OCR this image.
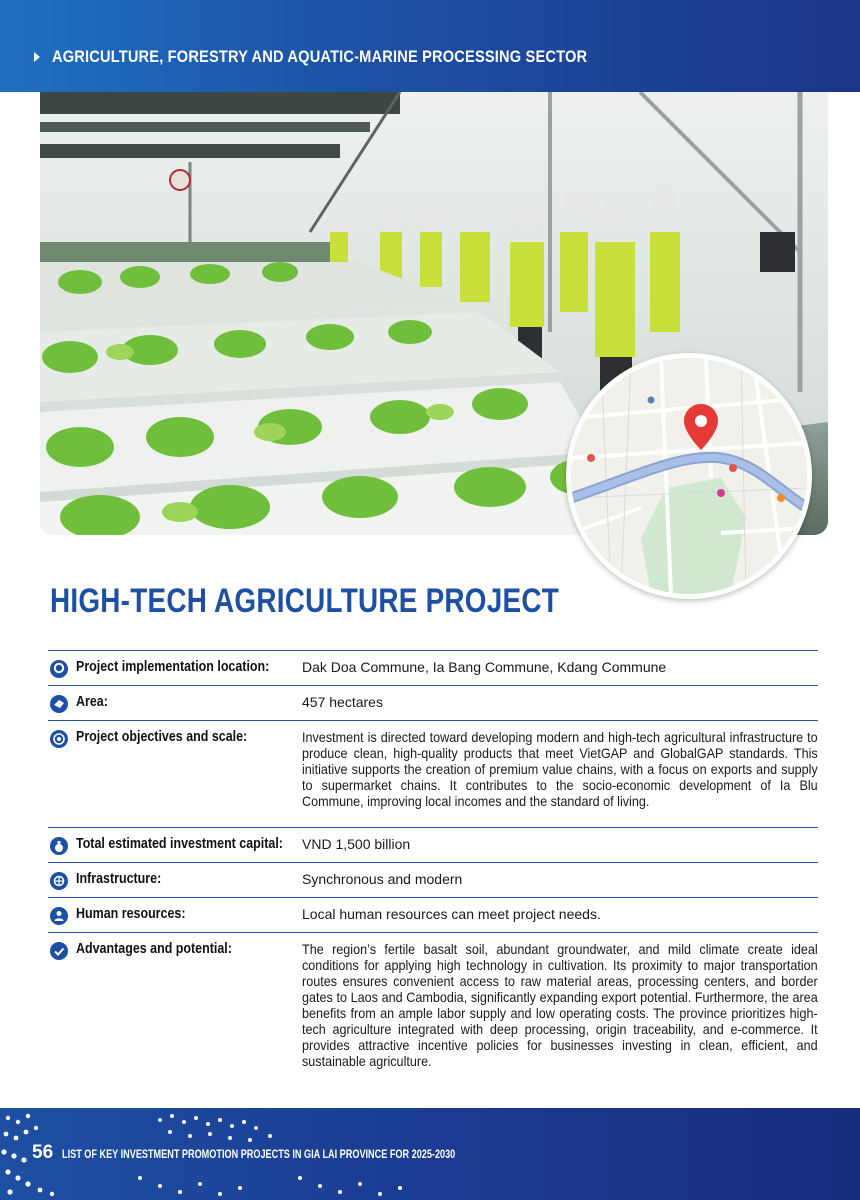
AGRICULTURE, FORESTRY AND AQUATIC-MARINE PROCESSING SECTOR
HIGH-TECH AGRICULTURE PROJECT
Project implementation location: Dak Doa Commune, Ia Bang Commune, Kdang Commune
Area:	457 hectares
Project objectives and scale:	Investment is directed toward developing modern and high-tech agricultural infrastructure to produce clean, high-quality products that meet VietGAP and GlobalGAP standards. This initiative supports the creation of premium value chains, with a focus on exports and supply to supermarket chains. It contributes to the socio-economic development of Ia Blu Commune, improving local incomes and the standard of living.
Total estimated investment capital: VND 1,500 billion
Infrastructure:	Synchronous and modern
Human resources:	Local human resources can meet project needs.
Advantages and potential:	The region’s fertile basalt soil, abundant groundwater, and mild climate create ideal conditions for applying high technology in cultivation. Its proximity to major transportation routes ensures convenient access to raw material areas, processing centers, and border gates to Laos and Cambodia, significantly expanding export potential. Furthermore, the area benefits from an ample labor supply and low operating costs. The province prioritizes high-tech agriculture integrated with deep processing, origin traceability, and e-commerce. It provides attractive incentive policies for businesses investing in clean, efficient, and sustainable agriculture.
56 LIST OF KEY INVESTMENT PROMOTION PROJECTS IN GIA LAI PROVINCE FOR 2025-2030
